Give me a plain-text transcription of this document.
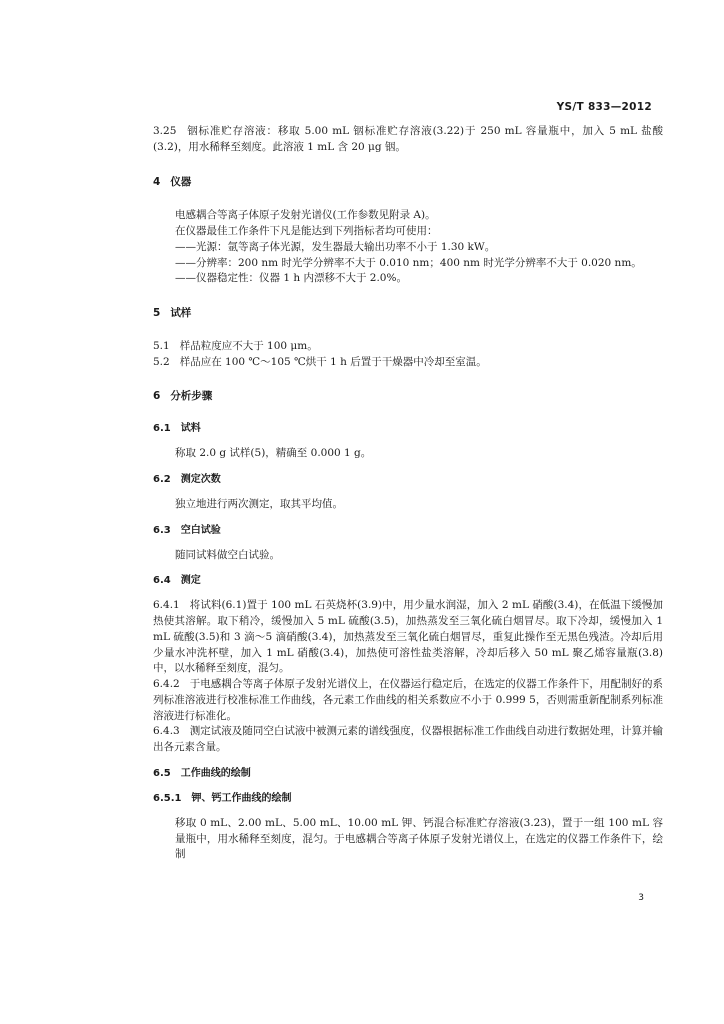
YS/T 833—2012

3.25 铟标准贮存溶液：移取 5.00 mL 铟标准贮存溶液(3.22)于 250 mL 容量瓶中，加入 5 mL 盐酸(3.2)，用水稀释至刻度。此溶液 1 mL 含 20 μg 铟。

4 仪器

电感耦合等离子体原子发射光谱仪(工作参数见附录 A)。

在仪器最佳工作条件下凡是能达到下列指标者均可使用：

——光源：氩等离子体光源，发生器最大输出功率不小于 1.30 kW。

——分辨率：200 nm 时光学分辨率不大于 0.010 nm；400 nm 时光学分辨率不大于 0.020 nm。

——仪器稳定性：仪器 1 h 内漂移不大于 2.0%。

5 试样

5.1 样品粒度应不大于 100 μm。

5.2 样品应在 100 ℃～105 ℃烘干 1 h 后置于干燥器中冷却至室温。

6 分析步骤

6.1 试料

称取 2.0 g 试样(5)，精确至 0.000 1 g。

6.2 测定次数

独立地进行两次测定，取其平均值。

6.3 空白试验

随同试料做空白试验。

6.4 测定

6.4.1 将试料(6.1)置于 100 mL 石英烧杯(3.9)中，用少量水润湿，加入 2 mL 硝酸(3.4)，在低温下缓慢加热使其溶解。取下稍冷，缓慢加入 5 mL 硫酸(3.5)，加热蒸发至三氧化硫白烟冒尽。取下冷却，缓慢加入 1 mL 硫酸(3.5)和 3 滴～5 滴硝酸(3.4)，加热蒸发至三氧化硫白烟冒尽，重复此操作至无黑色残渣。冷却后用少量水冲洗杯壁，加入 1 mL 硝酸(3.4)，加热使可溶性盐类溶解，冷却后移入 50 mL 聚乙烯容量瓶(3.8)中，以水稀释至刻度，混匀。

6.4.2 于电感耦合等离子体原子发射光谱仪上，在仪器运行稳定后，在选定的仪器工作条件下，用配制好的系列标准溶液进行校准标准工作曲线，各元素工作曲线的相关系数应不小于 0.999 5，否则需重新配制系列标准溶液进行标准化。

6.4.3 测定试液及随同空白试液中被测元素的谱线强度，仪器根据标准工作曲线自动进行数据处理，计算并输出各元素含量。

6.5 工作曲线的绘制

6.5.1 钾、钙工作曲线的绘制

移取 0 mL、2.00 mL、5.00 mL、10.00 mL 钾、钙混合标准贮存溶液(3.23)，置于一组 100 mL 容量瓶中，用水稀释至刻度，混匀。于电感耦合等离子体原子发射光谱仪上，在选定的仪器工作条件下，绘制

3
